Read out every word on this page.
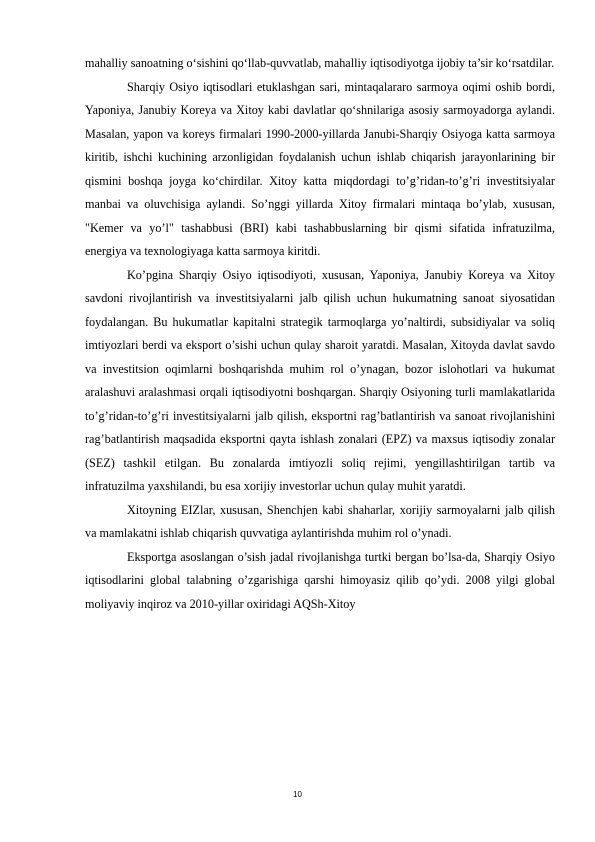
mahalliy sanoatning o‘sishini qo‘llab-quvvatlab, mahalliy iqtisodiyotga ijobiy ta’sir ko‘rsatdilar.

Sharqiy Osiyo iqtisodlari etuklashgan sari, mintaqalararo sarmoya oqimi oshib bordi, Yaponiya, Janubiy Koreya va Xitoy kabi davlatlar qo‘shnilariga asosiy sarmoyadorga aylandi. Masalan, yapon va koreys firmalari 1990-2000-yillarda Janubi-Sharqiy Osiyoga katta sarmoya kiritib, ishchi kuchining arzonligidan foydalanish uchun ishlab chiqarish jarayonlarining bir qismini boshqa joyga ko‘chirdilar. Xitoy katta miqdordagi to’g’ridan-to’g’ri investitsiyalar manbai va oluvchisiga aylandi. So’nggi yillarda Xitoy firmalari mintaqa bo’ylab, xususan, "Kemer va yo’l" tashabbusi (BRI) kabi tashabbuslarning bir qismi sifatida infratuzilma, energiya va texnologiyaga katta sarmoya kiritdi.

Ko’pgina Sharqiy Osiyo iqtisodiyoti, xususan, Yaponiya, Janubiy Koreya va Xitoy savdoni rivojlantirish va investitsiyalarni jalb qilish uchun hukumatning sanoat siyosatidan foydalangan. Bu hukumatlar kapitalni strategik tarmoqlarga yo’naltirdi, subsidiyalar va soliq imtiyozlari berdi va eksport o’sishi uchun qulay sharoit yaratdi. Masalan, Xitoyda davlat savdo va investitsion oqimlarni boshqarishda muhim rol o’ynagan, bozor islohotlari va hukumat aralashuvi aralashmasi orqali iqtisodiyotni boshqargan. Sharqiy Osiyoning turli mamlakatlarida to’g’ridan-to’g’ri investitsiyalarni jalb qilish, eksportni rag’batlantirish va sanoat rivojlanishini rag’batlantirish maqsadida eksportni qayta ishlash zonalari (EPZ) va maxsus iqtisodiy zonalar (SEZ) tashkil etilgan. Bu zonalarda imtiyozli soliq rejimi, yengillashtirilgan tartib va infratuzilma yaxshilandi, bu esa xorijiy investorlar uchun qulay muhit yaratdi.

Xitoyning EIZlar, xususan, Shenchjen kabi shaharlar, xorijiy sarmoyalarni jalb qilish va mamlakatni ishlab chiqarish quvvatiga aylantirishda muhim rol o’ynadi.

Eksportga asoslangan o’sish jadal rivojlanishga turtki bergan bo’lsa-da, Sharqiy Osiyo iqtisodlarini global talabning o’zgarishiga qarshi himoyasiz qilib qo’ydi. 2008 yilgi global moliyaviy inqiroz va 2010-yillar oxiridagi AQSh-Xitoy

10
